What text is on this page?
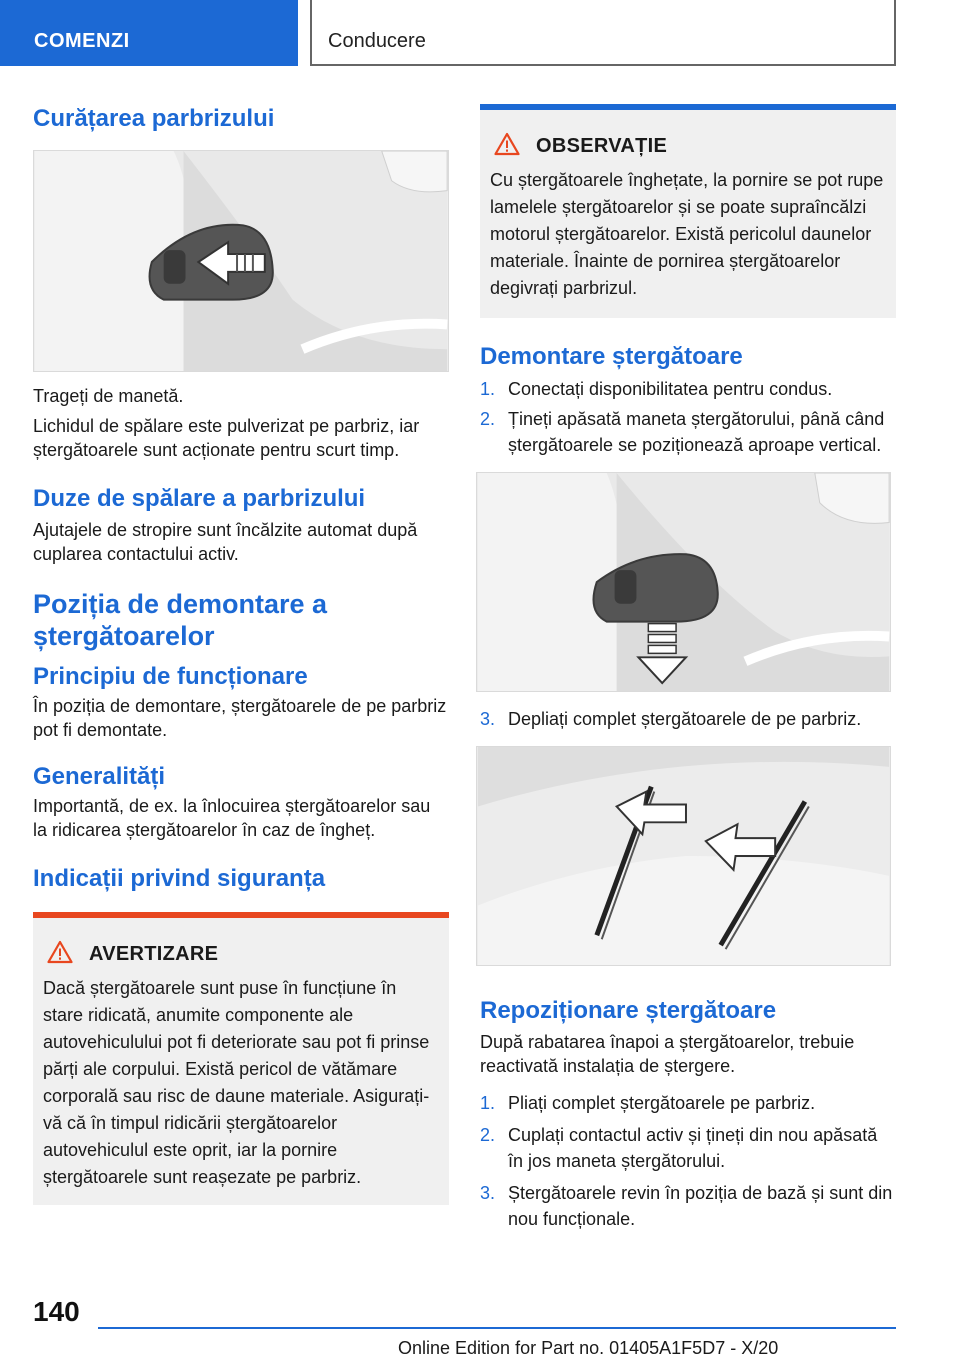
COMENZI	Conducere
Curățarea parbrizului
Trageți de manetă.
Lichidul de spălare este pulverizat pe parbriz, iar ștergătoarele sunt acționate pentru scurt timp.
Duze de spălare a parbrizului
Ajutajele de stropire sunt încălzite automat după cuplarea contactului activ.
Poziția de demontare a ștergătoarelor
Principiu de funcționare
În poziția de demontare, ștergătoarele de pe parbriz pot fi demontate.
Generalități
Importantă, de ex. la înlocuirea ștergătoarelor sau la ridicarea ștergătoarelor în caz de îngheț.
Indicații privind siguranța
AVERTIZARE
Dacă ștergătoarele sunt puse în funcțiune în stare ridicată, anumite componente ale autovehiculului pot fi deteriorate sau pot fi prinse părți ale corpului. Există pericol de vătămare corporală sau risc de daune materiale. Asigurați-vă că în timpul ridicării ștergătoarelor autovehiculul este oprit, iar la pornire ștergătoarele sunt reașezate pe parbriz.
OBSERVAȚIE
Cu ștergătoarele înghețate, la pornire se pot rupe lamelele ștergătoarelor și se poate supraîncălzi motorul ștergătoarelor. Există pericolul daunelor materiale. Înainte de pornirea ștergătoarelor degivrați parbrizul.
Demontare ștergătoare
1. Conectați disponibilitatea pentru condus.
2. Țineți apăsată maneta ștergătorului, până când ștergătoarele se poziționează aproape vertical.
3. Depliați complet ștergătoarele de pe parbriz.
Repoziționare ștergătoare
După rabatarea înapoi a ștergătoarelor, trebuie reactivată instalația de ștergere.
1. Pliați complet ștergătoarele pe parbriz.
2. Cuplați contactul activ și țineți din nou apăsată în jos maneta ștergătorului.
3. Ștergătoarele revin în poziția de bază și sunt din nou funcționale.
140
Online Edition for Part no. 01405A1F5D7 - X/20
